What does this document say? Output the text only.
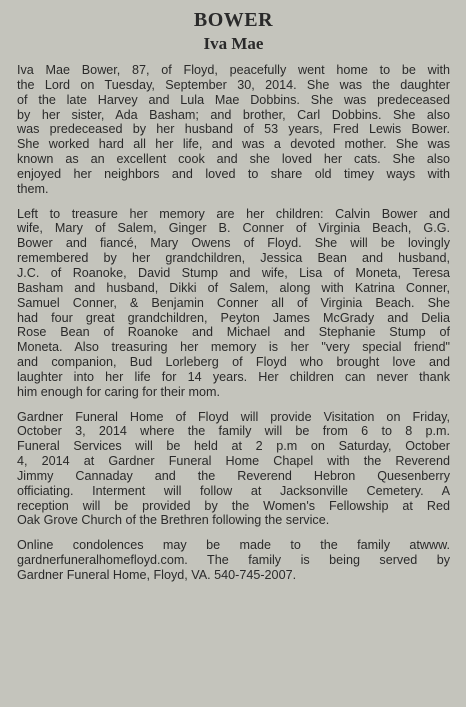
BOWER
Iva Mae
Iva Mae Bower, 87, of Floyd, peacefully went home to be with
the Lord on Tuesday, September 30, 2014. She was the daughter
of the late Harvey and Lula Mae Dobbins. She was predeceased
by her sister, Ada Basham; and brother, Carl Dobbins. She also
was predeceased by her husband of 53 years, Fred Lewis Bower.
She worked hard all her life, and was a devoted mother. She was
known as an excellent cook and she loved her cats. She also
enjoyed her neighbors and loved to share old timey ways with
them.
Left to treasure her memory are her children: Calvin Bower and
wife, Mary of Salem, Ginger B. Conner of Virginia Beach, G.G.
Bower and fiancé, Mary Owens of Floyd. She will be lovingly
remembered by her grandchildren, Jessica Bean and husband,
J.C. of Roanoke, David Stump and wife, Lisa of Moneta, Teresa
Basham and husband, Dikki of Salem, along with Katrina Conner,
Samuel Conner, & Benjamin Conner all of Virginia Beach. She
had four great grandchildren, Peyton James McGrady and Delia
Rose Bean of Roanoke and Michael and Stephanie Stump of
Moneta. Also treasuring her memory is her "very special friend"
and companion, Bud Lorleberg of Floyd who brought love and
laughter into her life for 14 years. Her children can never thank
him enough for caring for their mom.
Gardner Funeral Home of Floyd will provide Visitation on Friday,
October 3, 2014 where the family will be from 6 to 8 p.m.
Funeral Services will be held at 2 p.m on Saturday, October
4, 2014 at Gardner Funeral Home Chapel with the Reverend
Jimmy Cannaday and the Reverend Hebron Quesenberry
officiating. Interment will follow at Jacksonville Cemetery. A
reception will be provided by the Women's Fellowship at Red
Oak Grove Church of the Brethren following the service.
Online condolences may be made to the family atwww.
gardnerfuneralhomefloyd.com. The family is being served by
Gardner Funeral Home, Floyd, VA. 540-745-2007.
